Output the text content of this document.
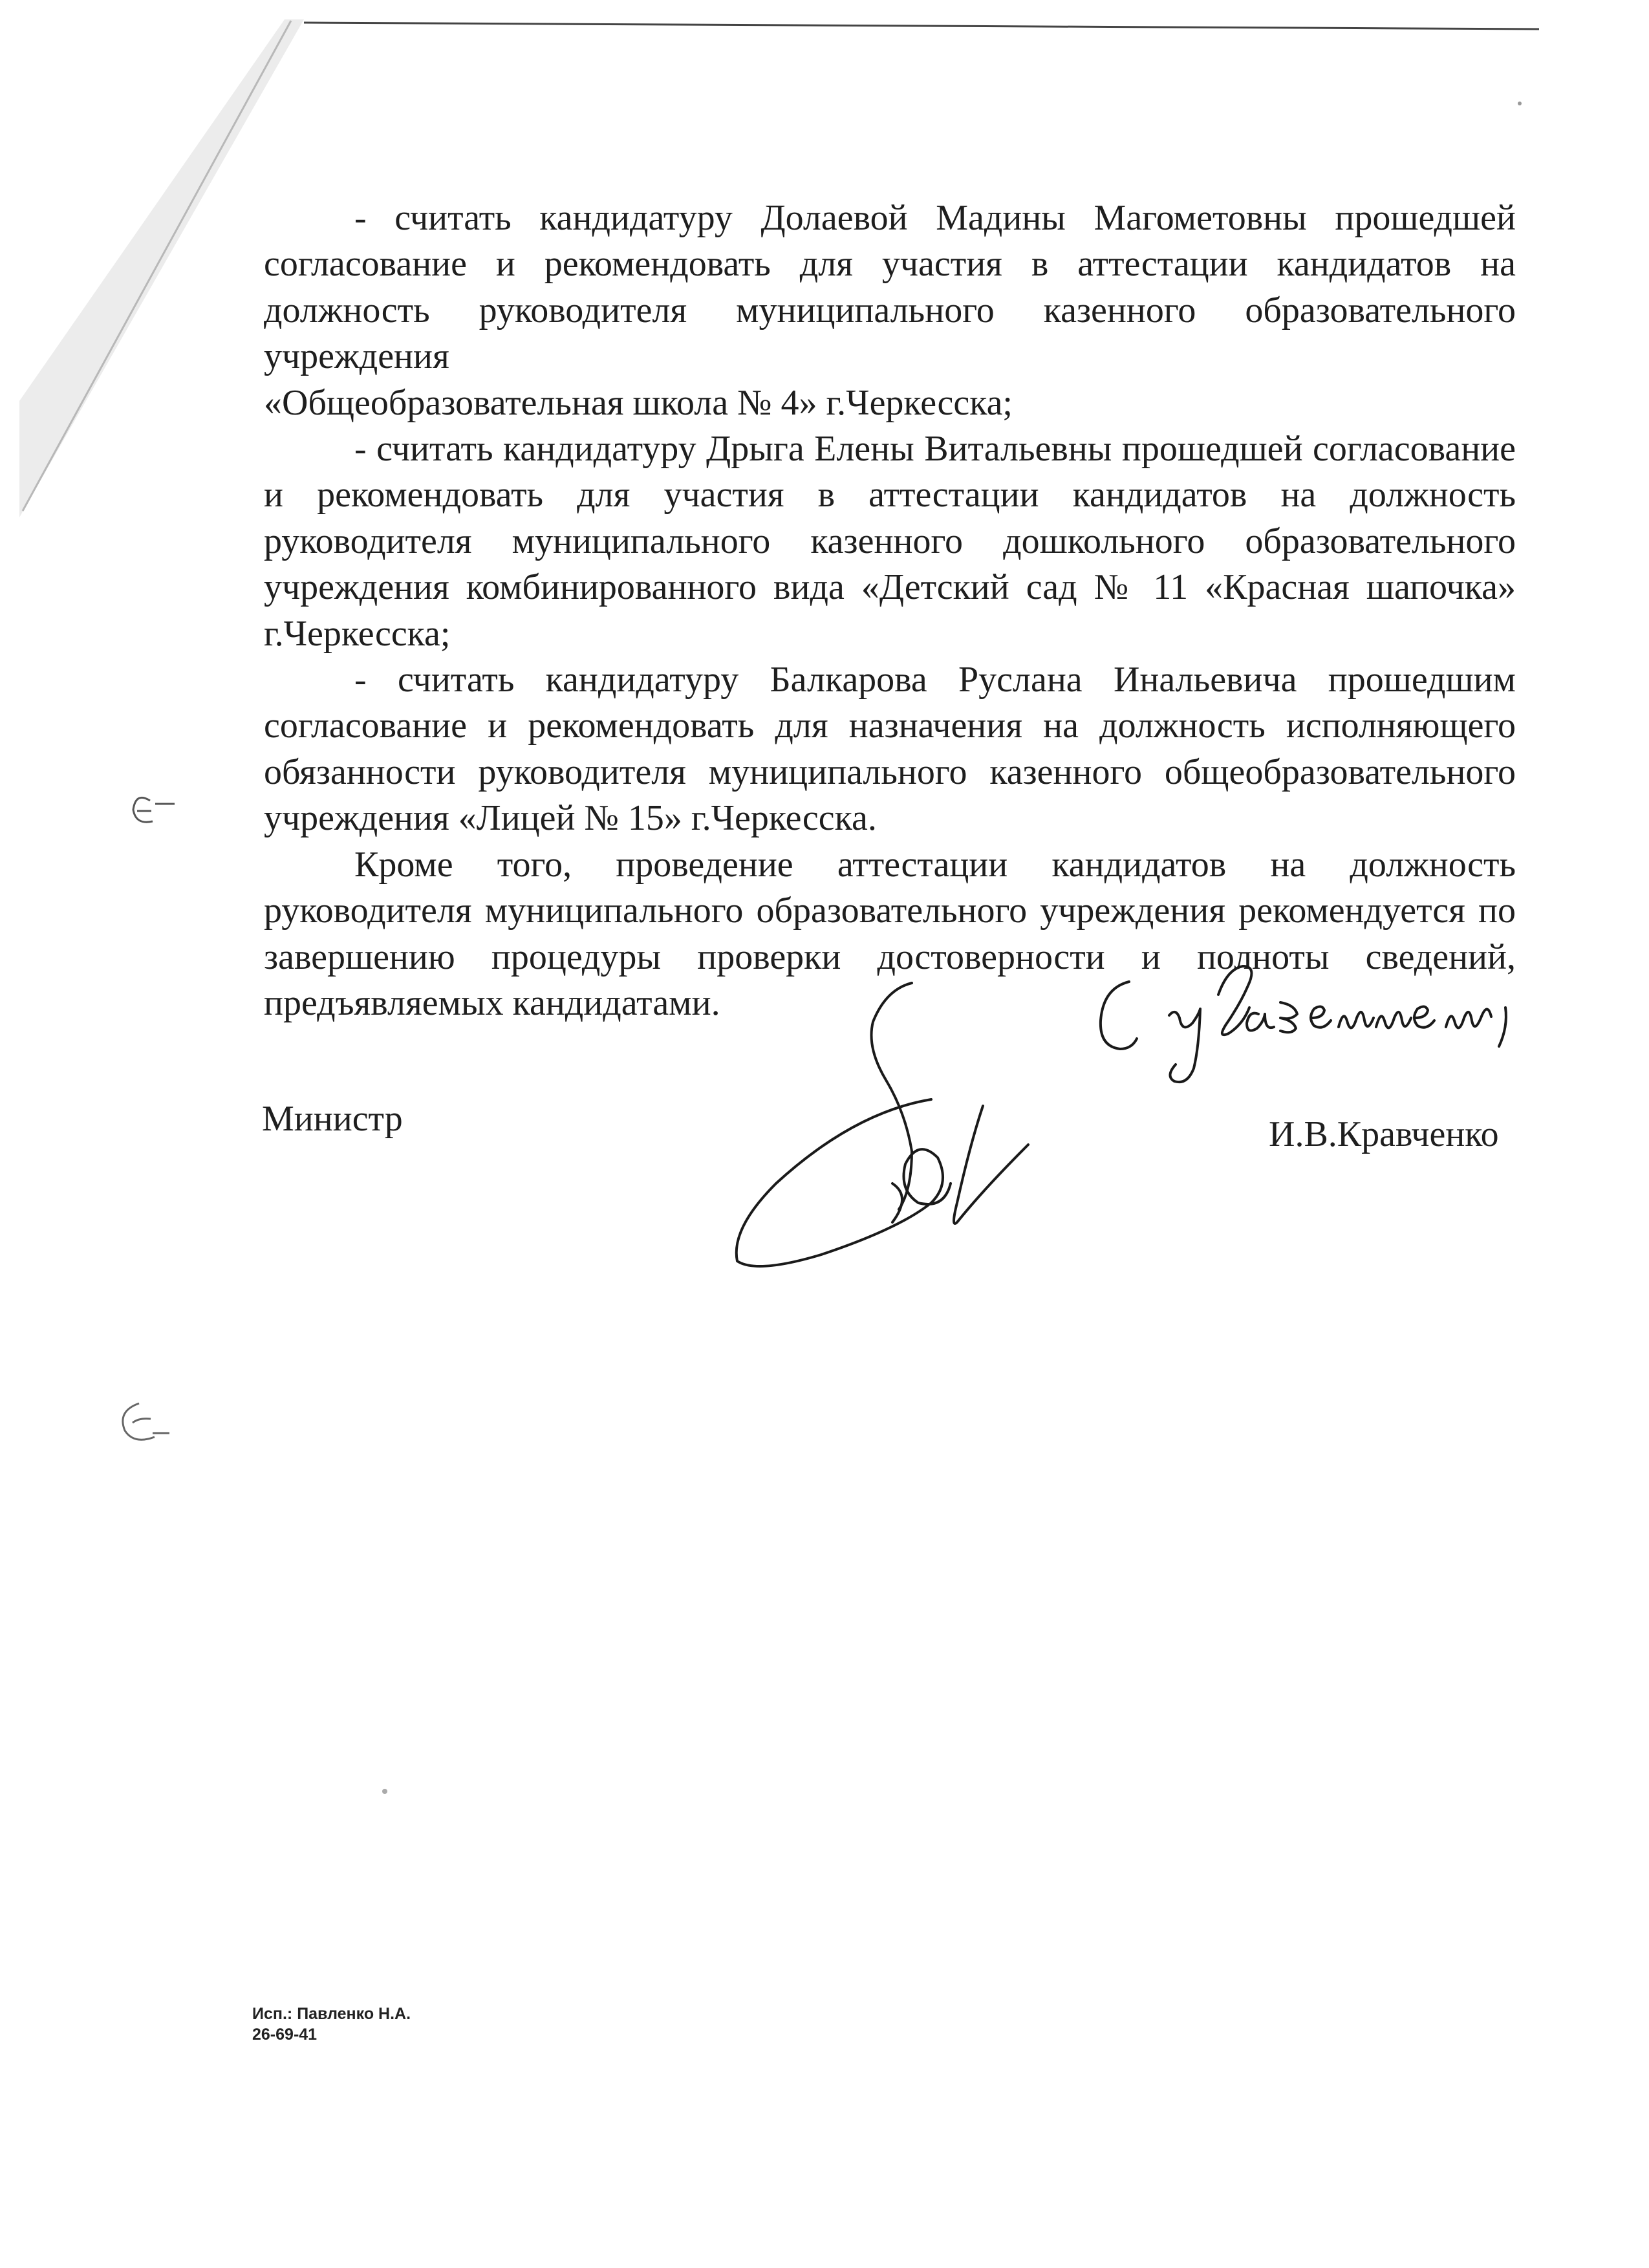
- считать кандидатуру Долаевой Мадины Магометовны прошедшей согласование и рекомендовать для участия в аттестации кандидатов на должность руководителя муниципального казенного образовательного учреждения
«Общеобразовательная школа № 4» г.Черкесска;

- считать кандидатуру Дрыга Елены Витальевны прошедшей согласование и рекомендовать для участия в аттестации кандидатов на должность руководителя муниципального казенного дошкольного образовательного учреждения комбинированного вида «Детский сад № 11 «Красная шапочка» г.Черкесска;

- считать кандидатуру Балкарова Руслана Инальевича прошедшим согласование и рекомендовать для назначения на должность исполняющего обязанности руководителя муниципального казенного общеобразовательного учреждения «Лицей № 15» г.Черкесска.

Кроме того, проведение аттестации кандидатов на должность руководителя муниципального образовательного учреждения рекомендуется по завершению процедуры проверки достоверности и полноты сведений, предъявляемых кандидатами.

Министр	И.В.Кравченко
Исп.: Павленко Н.А.
26-69-41
